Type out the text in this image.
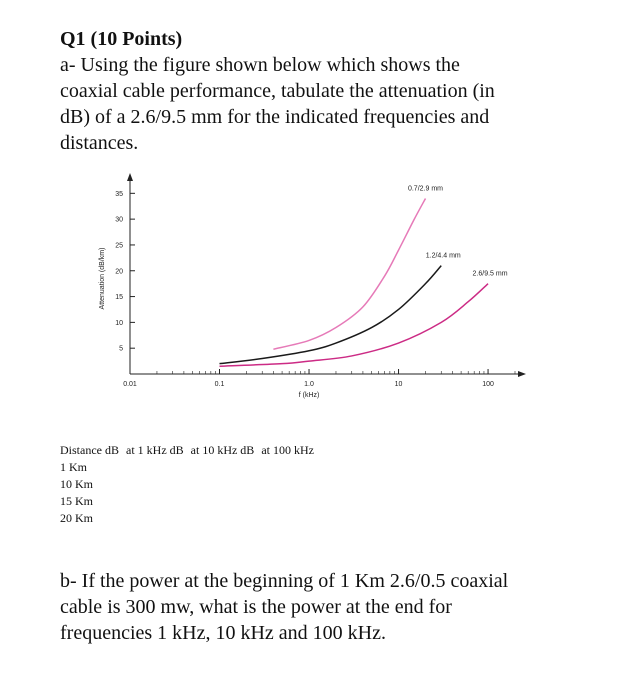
Q1 (10 Points)
a- Using the figure shown below which shows the
coaxial cable performance, tabulate the attenuation (in
dB) of a 2.6/9.5 mm for the indicated frequencies and
distances.
5
10
15
20
25
30
35
0.01	0.1	1.0	10	100
f (kHz)
Attenuation (dB/km)
0.7/2.9 mm
1.2/4.4 mm
2.6/9.5 mm
Distance dB at 1 kHz dB at 10 kHz dB at 100 kHz
1 Km
10 Km
15 Km
20 Km
b- If the power at the beginning of 1 Km 2.6/0.5 coaxial
cable is 300 mw, what is the power at the end for
frequencies 1 kHz, 10 kHz and 100 kHz.
